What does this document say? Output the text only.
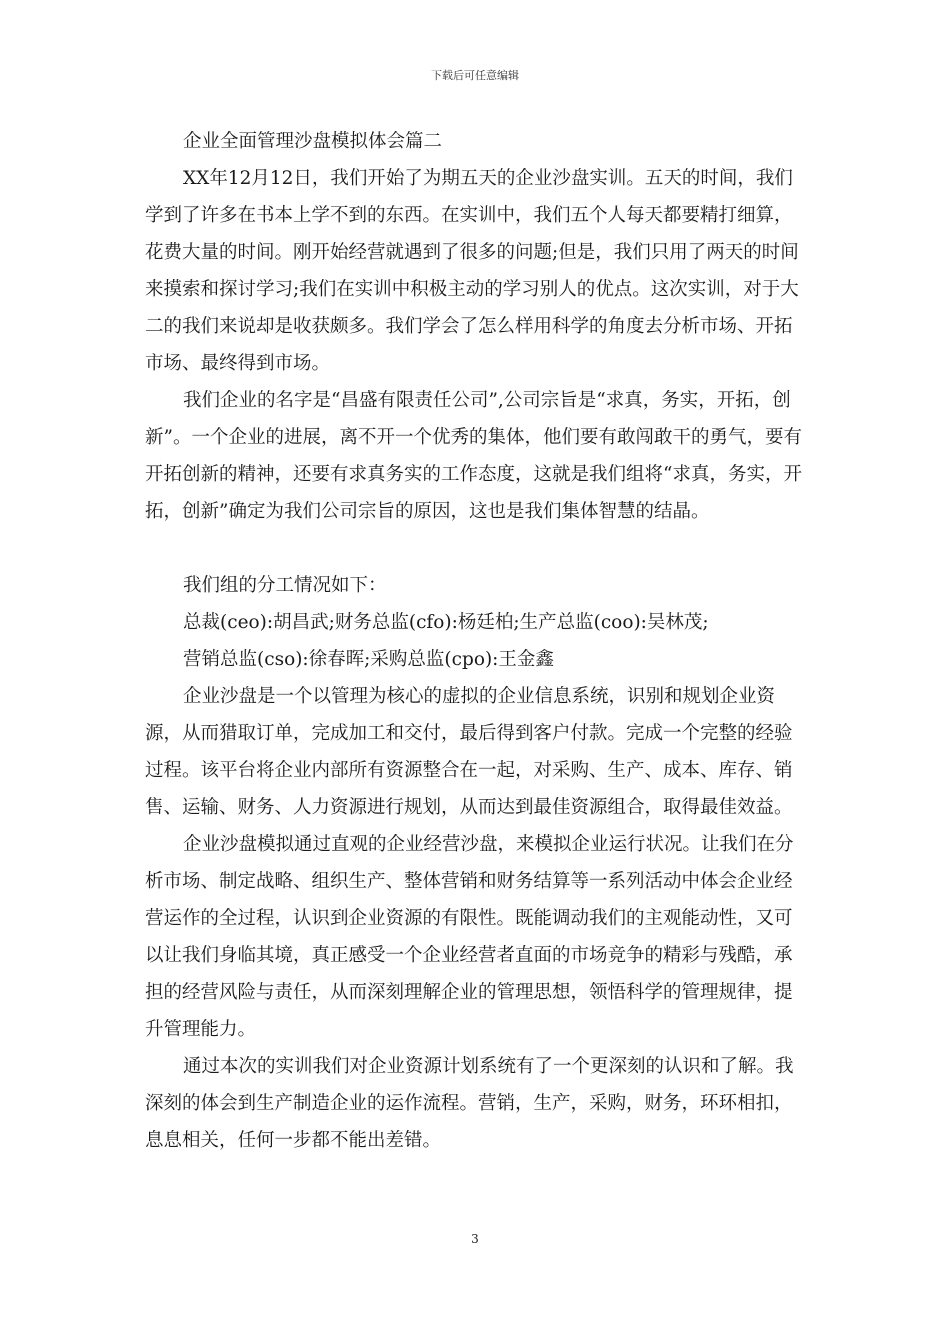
下载后可任意编辑

企业全面管理沙盘模拟体会篇二

XX年12月12日，我们开始了为期五天的企业沙盘实训。五天的时间，我们学到了许多在书本上学不到的东西。在实训中，我们五个人每天都要精打细算，花费大量的时间。刚开始经营就遇到了很多的问题;但是，我们只用了两天的时间来摸索和探讨学习;我们在实训中积极主动的学习别人的优点。这次实训，对于大二的我们来说却是收获颇多。我们学会了怎么样用科学的角度去分析市场、开拓市场、最终得到市场。

我们企业的名字是“昌盛有限责任公司”,公司宗旨是“求真，务实，开拓，创新”。一个企业的进展，离不开一个优秀的集体，他们要有敢闯敢干的勇气，要有开拓创新的精神，还要有求真务实的工作态度，这就是我们组将“求真，务实，开拓，创新”确定为我们公司宗旨的原因，这也是我们集体智慧的结晶。

我们组的分工情况如下：

总裁(ceo):胡昌武;财务总监(cfo):杨廷柏;生产总监(coo):吴林茂;

营销总监(cso):徐春晖;采购总监(cpo):王金鑫

企业沙盘是一个以管理为核心的虚拟的企业信息系统，识别和规划企业资源，从而猎取订单，完成加工和交付，最后得到客户付款。完成一个完整的经验过程。该平台将企业内部所有资源整合在一起，对采购、生产、成本、库存、销售、运输、财务、人力资源进行规划，从而达到最佳资源组合，取得最佳效益。

企业沙盘模拟通过直观的企业经营沙盘，来模拟企业运行状况。让我们在分析市场、制定战略、组织生产、整体营销和财务结算等一系列活动中体会企业经营运作的全过程，认识到企业资源的有限性。既能调动我们的主观能动性，又可以让我们身临其境，真正感受一个企业经营者直面的市场竞争的精彩与残酷，承担的经营风险与责任，从而深刻理解企业的管理思想，领悟科学的管理规律，提升管理能力。

通过本次的实训我们对企业资源计划系统有了一个更深刻的认识和了解。我深刻的体会到生产制造企业的运作流程。营销，生产，采购，财务，环环相扣，息息相关，任何一步都不能出差错。

3
